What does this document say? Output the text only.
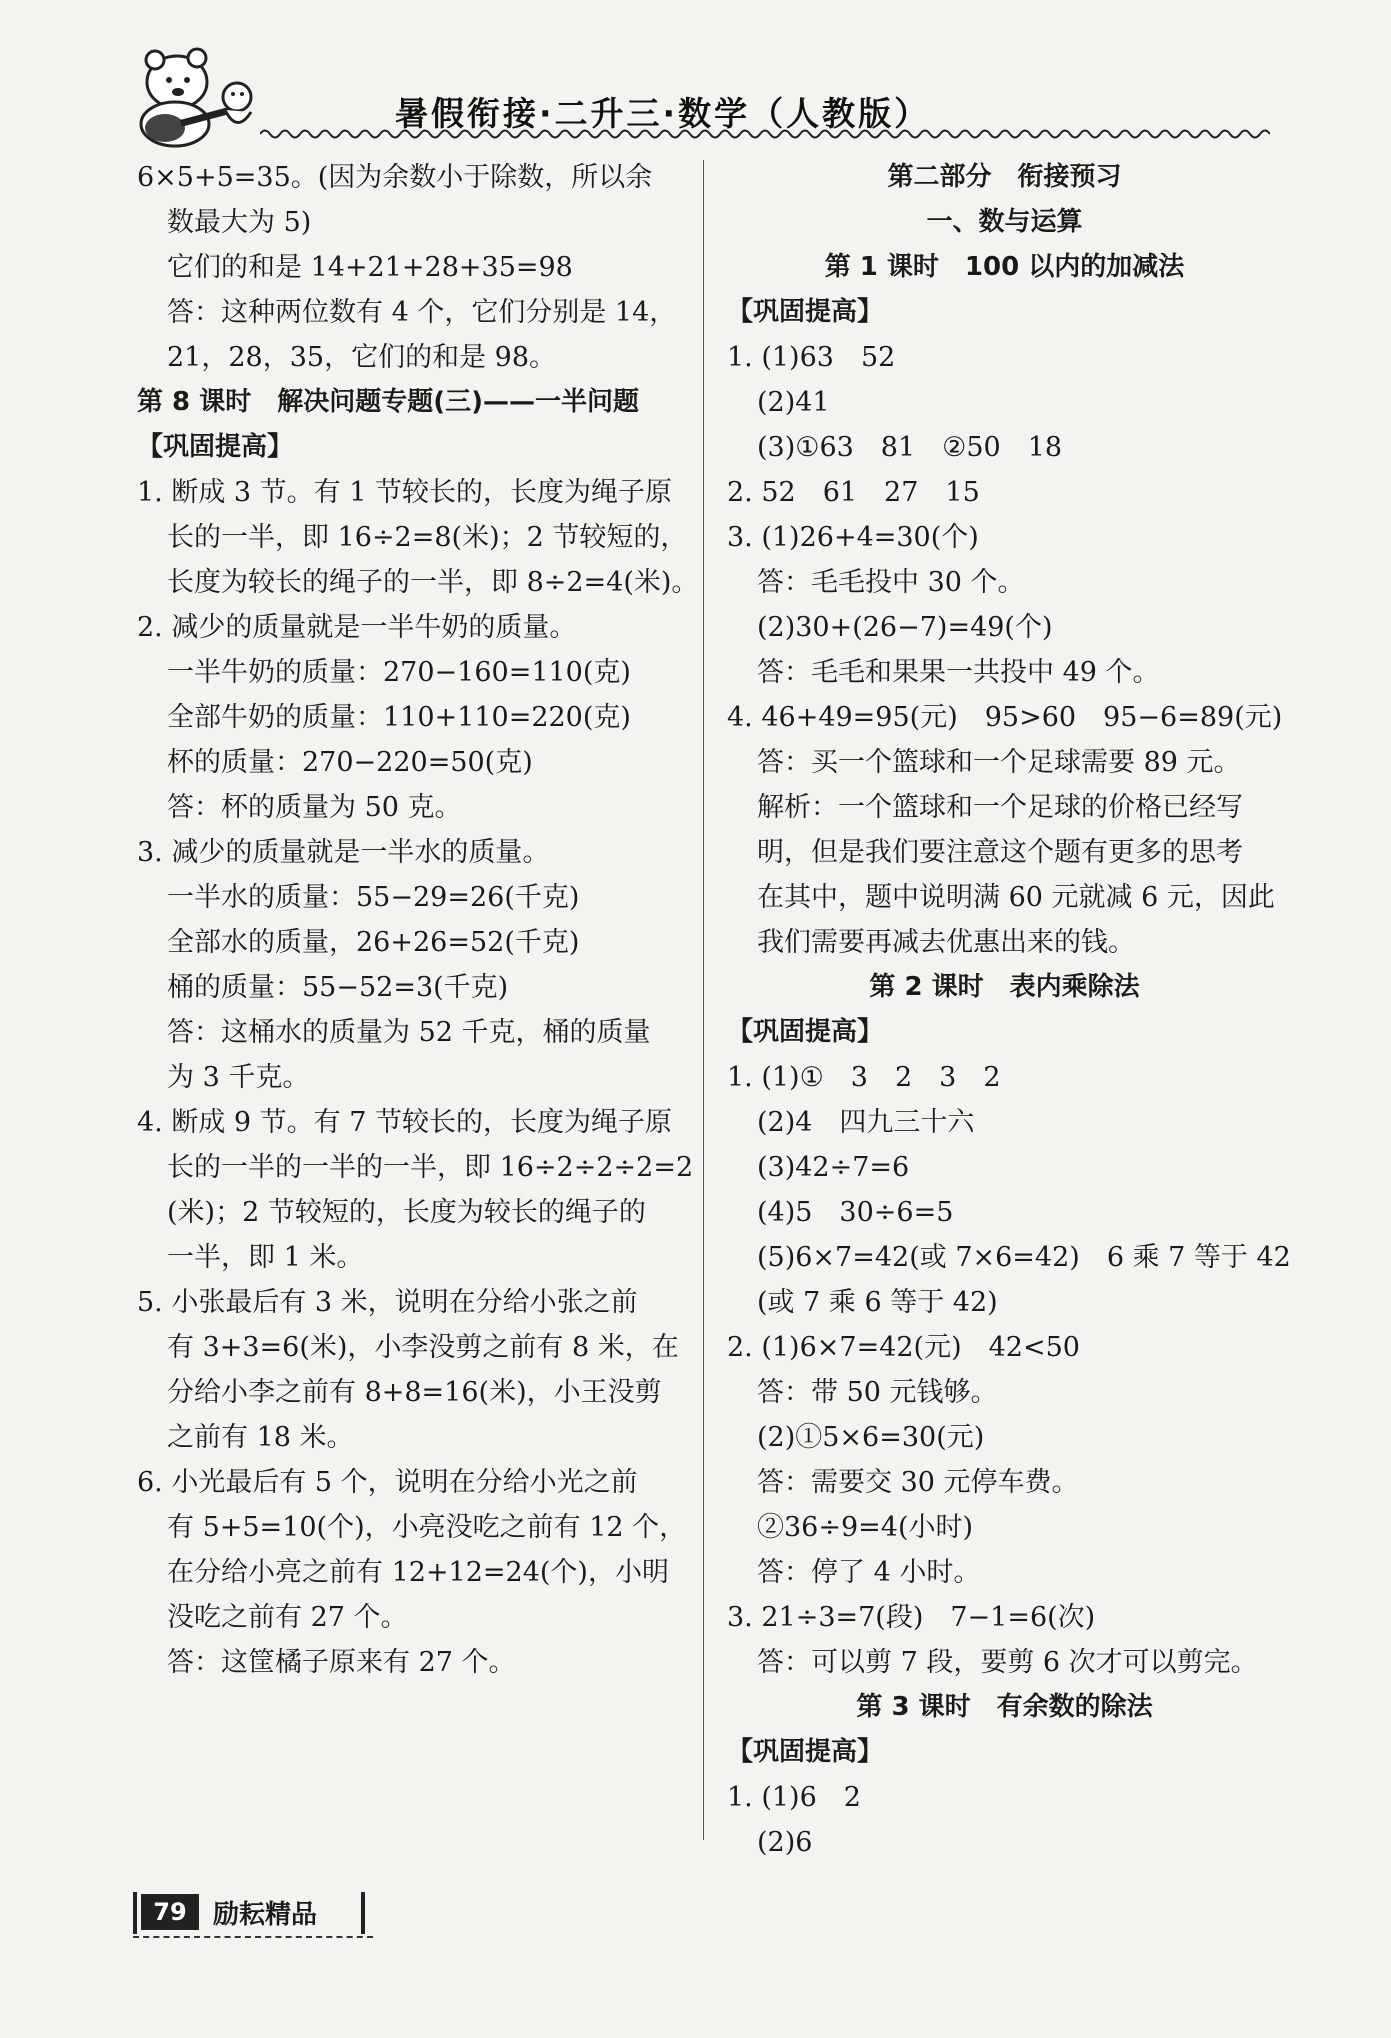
暑假衔接·二升三·数学（人教版）
6×5+5=35。(因为余数小于除数，所以余
数最大为 5)
它们的和是 14+21+28+35=98
答：这种两位数有 4 个，它们分别是 14，
21，28，35，它们的和是 98。
第 8 课时　解决问题专题(三)——一半问题
【巩固提高】
1. 断成 3 节。有 1 节较长的，长度为绳子原
长的一半，即 16÷2=8(米)；2 节较短的，
长度为较长的绳子的一半，即 8÷2=4(米)。
2. 减少的质量就是一半牛奶的质量。
一半牛奶的质量：270−160=110(克)
全部牛奶的质量：110+110=220(克)
杯的质量：270−220=50(克)
答：杯的质量为 50 克。
3. 减少的质量就是一半水的质量。
一半水的质量：55−29=26(千克)
全部水的质量，26+26=52(千克)
桶的质量：55−52=3(千克)
答：这桶水的质量为 52 千克，桶的质量
为 3 千克。
4. 断成 9 节。有 7 节较长的，长度为绳子原
长的一半的一半的一半，即 16÷2÷2÷2=2
(米)；2 节较短的，长度为较长的绳子的
一半，即 1 米。
5. 小张最后有 3 米，说明在分给小张之前
有 3+3=6(米)，小李没剪之前有 8 米，在
分给小李之前有 8+8=16(米)，小王没剪
之前有 18 米。
6. 小光最后有 5 个，说明在分给小光之前
有 5+5=10(个)，小亮没吃之前有 12 个，
在分给小亮之前有 12+12=24(个)，小明
没吃之前有 27 个。
答：这筐橘子原来有 27 个。
第二部分　衔接预习
一、数与运算
第 1 课时　100 以内的加减法
【巩固提高】
1. (1)63　52
(2)41
(3)①63　81　②50　18
2. 52　61　27　15
3. (1)26+4=30(个)
答：毛毛投中 30 个。
(2)30+(26−7)=49(个)
答：毛毛和果果一共投中 49 个。
4. 46+49=95(元)　95>60　95−6=89(元)
答：买一个篮球和一个足球需要 89 元。
解析：一个篮球和一个足球的价格已经写
明，但是我们要注意这个题有更多的思考
在其中，题中说明满 60 元就减 6 元，因此
我们需要再减去优惠出来的钱。
第 2 课时　表内乘除法
【巩固提高】
1. (1)①　3　2　3　2
(2)4　四九三十六
(3)42÷7=6
(4)5　30÷6=5
(5)6×7=42(或 7×6=42)　6 乘 7 等于 42
(或 7 乘 6 等于 42)
2. (1)6×7=42(元)　42<50
答：带 50 元钱够。
(2)①5×6=30(元)
答：需要交 30 元停车费。
②36÷9=4(小时)
答：停了 4 小时。
3. 21÷3=7(段)　7−1=6(次)
答：可以剪 7 段，要剪 6 次才可以剪完。
第 3 课时　有余数的除法
【巩固提高】
1. (1)6　2
(2)6
79	励耘精品
